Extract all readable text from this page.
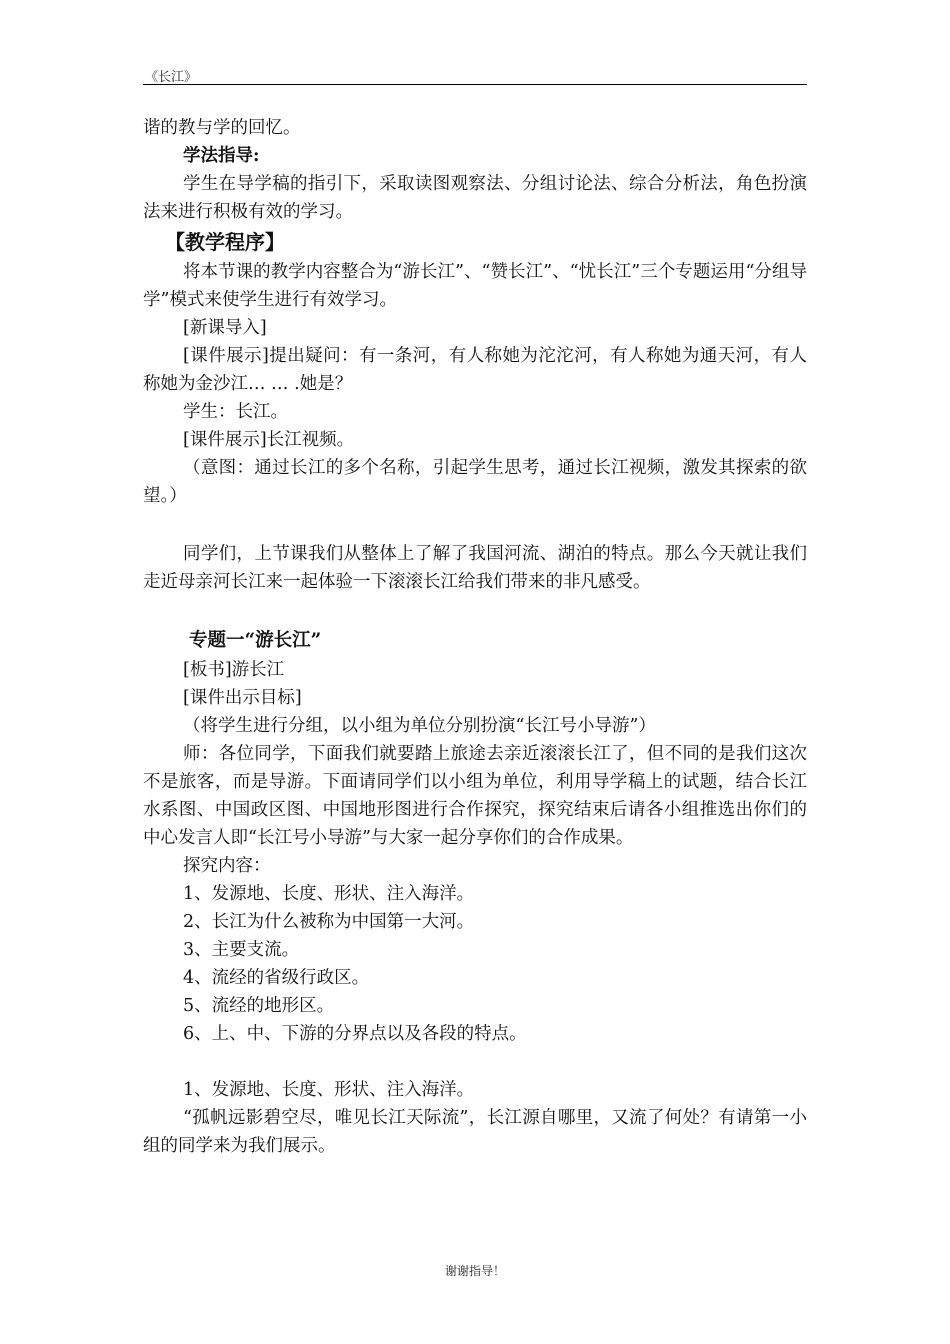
《长江》

谐的教与学的回忆。

学法指导:

学生在导学稿的指引下，采取读图观察法、分组讨论法、综合分析法，角色扮演法来进行积极有效的学习。

【教学程序】

将本节课的教学内容整合为“游长江”、“赞长江”、“忧长江”三个专题运用“分组导学”模式来使学生进行有效学习。

[新课导入]

[课件展示]提出疑问：有一条河，有人称她为沱沱河，有人称她为通天河，有人称她为金沙江… … .她是？

学生：长江。

[课件展示]长江视频。

（意图：通过长江的多个名称，引起学生思考，通过长江视频，激发其探索的欲望。）

同学们，上节课我们从整体上了解了我国河流、湖泊的特点。那么今天就让我们走近母亲河长江来一起体验一下滚滚长江给我们带来的非凡感受。

专题一“游长江”

[板书]游长江

[课件出示目标]

（将学生进行分组，以小组为单位分别扮演“长江号小导游”）

师：各位同学，下面我们就要踏上旅途去亲近滚滚长江了，但不同的是我们这次不是旅客，而是导游。下面请同学们以小组为单位，利用导学稿上的试题，结合长江水系图、中国政区图、中国地形图进行合作探究，探究结束后请各小组推选出你们的中心发言人即“长江号小导游”与大家一起分享你们的合作成果。

探究内容：

1、发源地、长度、形状、注入海洋。

2、长江为什么被称为中国第一大河。

3、主要支流。

4、流经的省级行政区。

5、流经的地形区。

6、上、中、下游的分界点以及各段的特点。

1、发源地、长度、形状、注入海洋。

“孤帆远影碧空尽，唯见长江天际流”，长江源自哪里，又流了何处？有请第一小组的同学来为我们展示。

谢谢指导！
